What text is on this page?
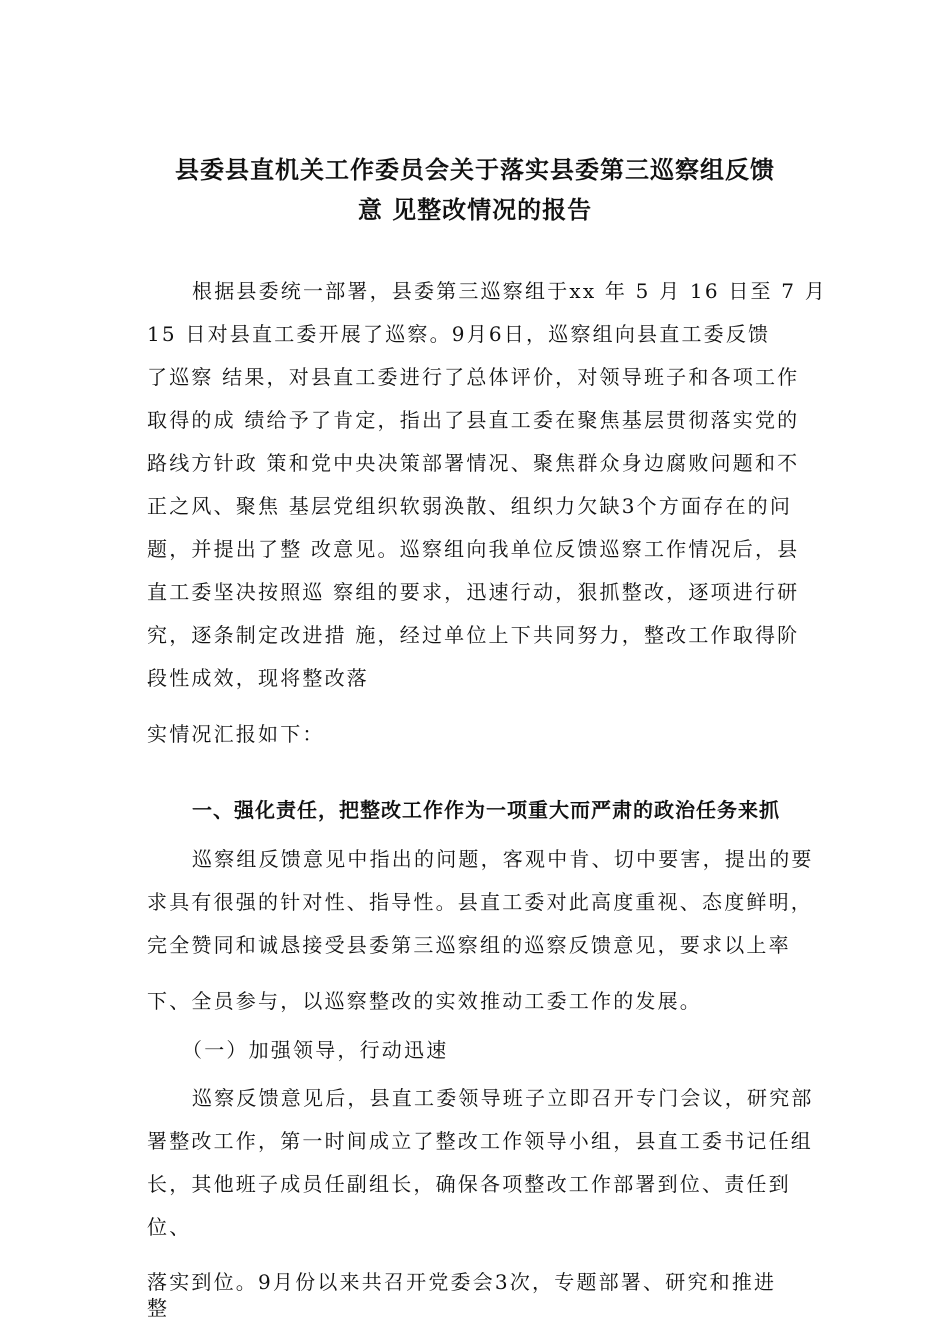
县委县直机关工作委员会关于落实县委第三巡察组反馈
意 见整改情况的报告
根据县委统一部署，县委第三巡察组于xx 年 5 月 16 日至 7 月
15 日对县直工委开展了巡察。9月6日，巡察组向县直工委反馈
了巡察 结果，对县直工委进行了总体评价，对领导班子和各项工作
取得的成 绩给予了肯定，指出了县直工委在聚焦基层贯彻落实党的
路线方针政 策和党中央决策部署情况、聚焦群众身边腐败问题和不
正之风、聚焦 基层党组织软弱涣散、组织力欠缺3个方面存在的问
题，并提出了整 改意见。巡察组向我单位反馈巡察工作情况后，县
直工委坚决按照巡 察组的要求，迅速行动，狠抓整改，逐项进行研
究，逐条制定改进措 施，经过单位上下共同努力，整改工作取得阶
段性成效，现将整改落
实情况汇报如下：
一、强化责任，把整改工作作为一项重大而严肃的政治任务来抓
巡察组反馈意见中指出的问题，客观中肯、切中要害，提出的要
求具有很强的针对性、指导性。县直工委对此高度重视、态度鲜明，
完全赞同和诚恳接受县委第三巡察组的巡察反馈意见，要求以上率
下、全员参与，以巡察整改的实效推动工委工作的发展。
（一）加强领导，行动迅速
巡察反馈意见后，县直工委领导班子立即召开专门会议，研究部
署整改工作，第一时间成立了整改工作领导小组，县直工委书记任组
长，其他班子成员任副组长，确保各项整改工作部署到位、责任到
位、
落实到位。9月份以来共召开党委会3次，专题部署、研究和推进
整
